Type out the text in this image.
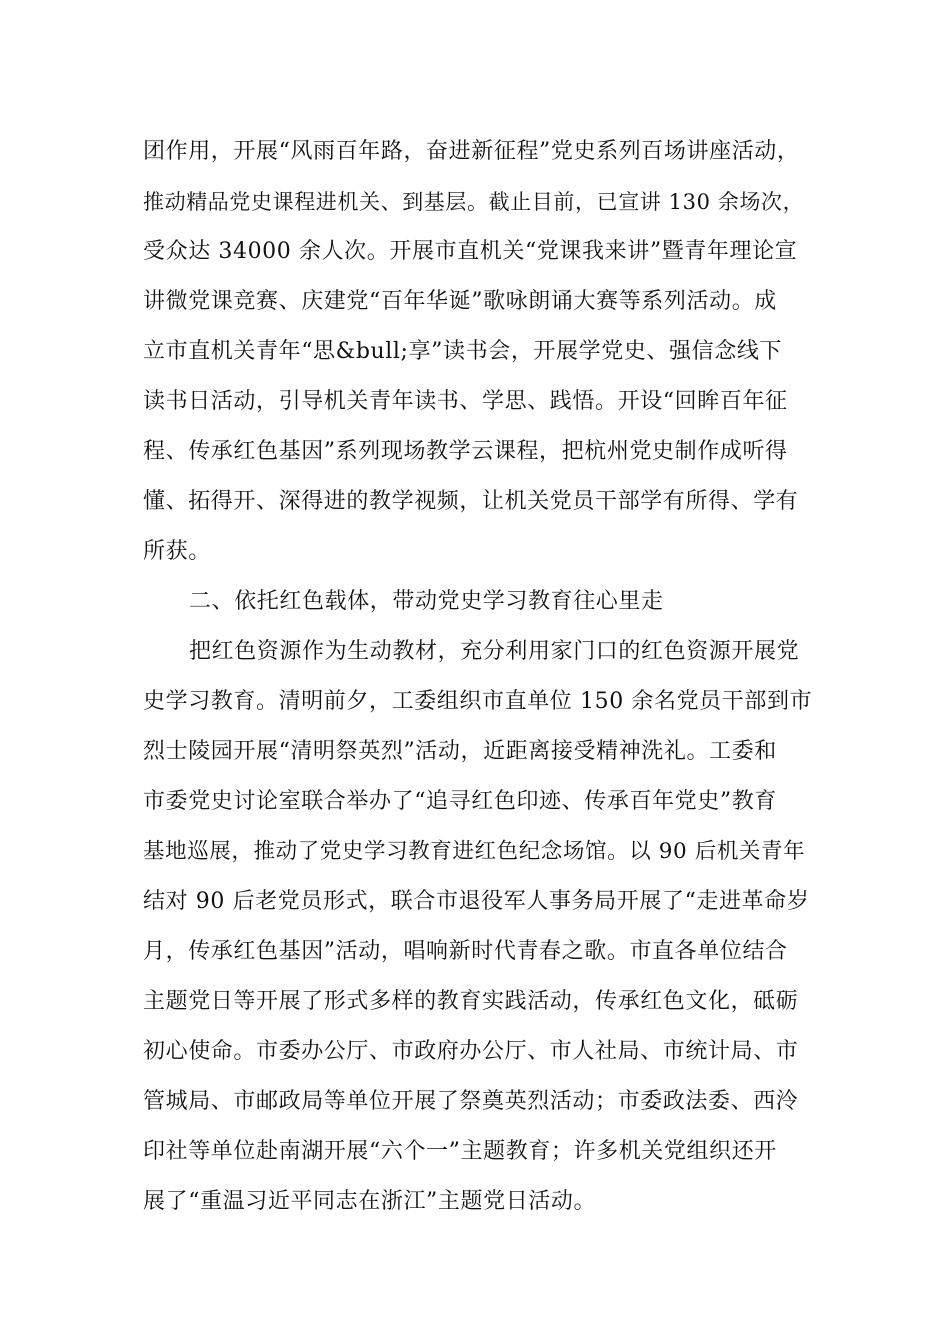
团作用，开展“风雨百年路，奋进新征程”党史系列百场讲座活动，
推动精品党史课程进机关、到基层。截止目前，已宣讲 130 余场次，
受众达 34000 余人次。开展市直机关“党课我来讲”暨青年理论宣
讲微党课竞赛、庆建党“百年华诞”歌咏朗诵大赛等系列活动。成
立市直机关青年“思&bull;享”读书会，开展学党史、强信念线下
读书日活动，引导机关青年读书、学思、践悟。开设“回眸百年征
程、传承红色基因”系列现场教学云课程，把杭州党史制作成听得
懂、拓得开、深得进的教学视频，让机关党员干部学有所得、学有
所获。
二、依托红色载体，带动党史学习教育往心里走
把红色资源作为生动教材，充分利用家门口的红色资源开展党
史学习教育。清明前夕，工委组织市直单位 150 余名党员干部到市
烈士陵园开展“清明祭英烈”活动，近距离接受精神洗礼。工委和
市委党史讨论室联合举办了“追寻红色印迹、传承百年党史”教育
基地巡展，推动了党史学习教育进红色纪念场馆。以 90 后机关青年
结对 90 后老党员形式，联合市退役军人事务局开展了“走进革命岁
月，传承红色基因”活动，唱响新时代青春之歌。市直各单位结合
主题党日等开展了形式多样的教育实践活动，传承红色文化，砥砺
初心使命。市委办公厅、市政府办公厅、市人社局、市统计局、市
管城局、市邮政局等单位开展了祭奠英烈活动；市委政法委、西泠
印社等单位赴南湖开展“六个一”主题教育；许多机关党组织还开
展了“重温习近平同志在浙江”主题党日活动。
